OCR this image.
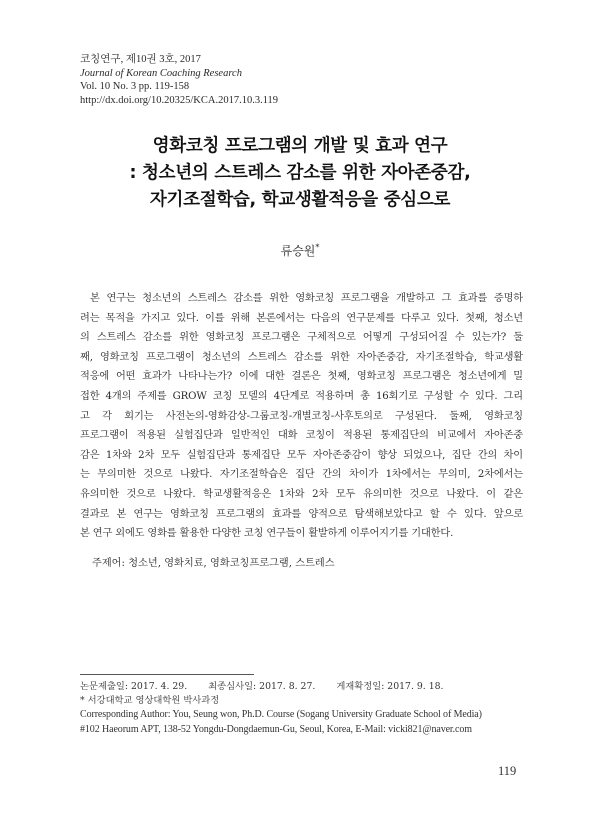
코칭연구, 제10권 3호, 2017
Journal of Korean Coaching Research
Vol. 10 No. 3 pp. 119-158
http://dx.doi.org/10.20325/KCA.2017.10.3.119
영화코칭 프로그램의 개발 및 효과 연구
: 청소년의 스트레스 감소를 위한 자아존중감,
자기조절학습, 학교생활적응을 중심으로
류승원*
본 연구는 청소년의 스트레스 감소를 위한 영화코칭 프로그램을 개발하고 그 효과를 증명하
려는 목적을 가지고 있다. 이를 위해 본론에서는 다음의 연구문제를 다루고 있다. 첫째, 청소년
의 스트레스 감소를 위한 영화코칭 프로그램은 구체적으로 어떻게 구성되어질 수 있는가? 둘
째, 영화코칭 프로그램이 청소년의 스트레스 감소를 위한 자아존중감, 자기조절학습, 학교생활
적응에 어떤 효과가 나타나는가? 이에 대한 결론은 첫째, 영화코칭 프로그램은 청소년에게 밀
접한 4개의 주제를 GROW 코칭 모델의 4단계로 적용하며 총 16회기로 구성할 수 있다. 그리
고 각 회기는 사전논의-영화감상-그룹코칭-개별코칭-사후토의로 구성된다. 둘째, 영화코칭
프로그램이 적용된 실험집단과 일반적인 대화 코칭이 적용된 통제집단의 비교에서 자아존중
감은 1차와 2차 모두 실험집단과 통제집단 모두 자아존중감이 향상 되었으나, 집단 간의 차이
는 무의미한 것으로 나왔다. 자기조절학습은 집단 간의 차이가 1차에서는 무의미, 2차에서는
유의미한 것으로 나왔다. 학교생활적응은 1차와 2차 모두 유의미한 것으로 나왔다. 이 같은
결과로 본 연구는 영화코칭 프로그램의 효과를 양적으로 탐색해보았다고 할 수 있다. 앞으로
본 연구 외에도 영화를 활용한 다양한 코칭 연구들이 활발하게 이루어지기를 기대한다.
주제어: 청소년, 영화치료, 영화코칭프로그램, 스트레스
논문제출일: 2017. 4. 29. 최종심사일: 2017. 8. 27. 게재확정일: 2017. 9. 18.
* 서강대학교 영상대학원 박사과정
Corresponding Author: You, Seung won, Ph.D. Course (Sogang University Graduate School of Media)
#102 Haeorum APT, 138-52 Yongdu-Dongdaemun-Gu, Seoul, Korea, E-Mail: vicki821@naver.com
119
